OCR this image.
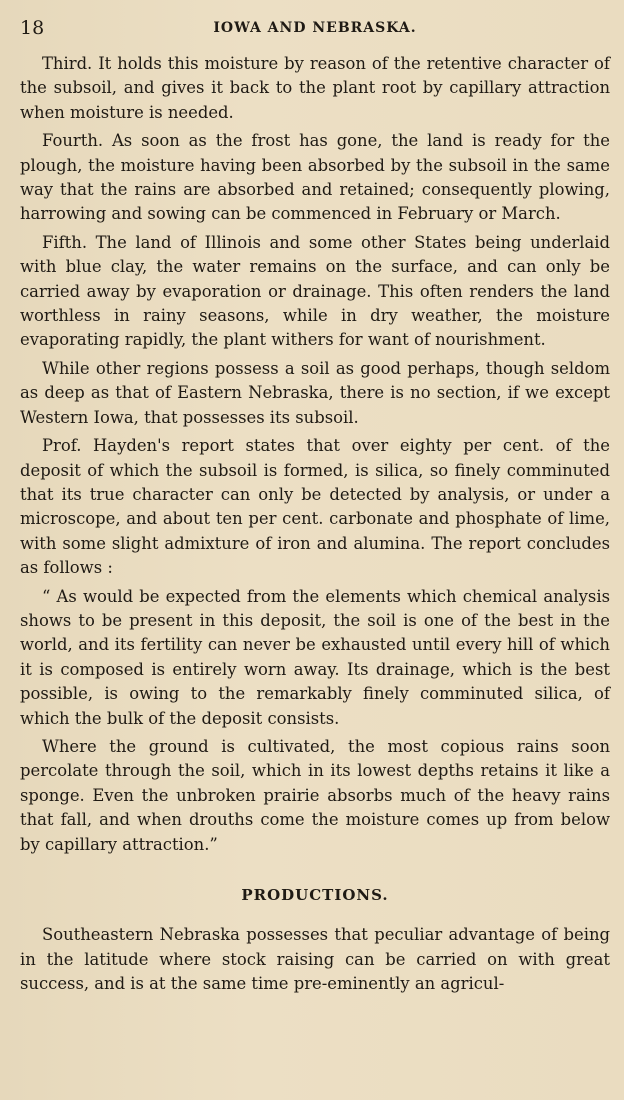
18	IOWA AND NEBRASKA.

Third. It holds this moisture by reason of the retentive character of the subsoil, and gives it back to the plant root by capillary attraction when moisture is needed.

Fourth. As soon as the frost has gone, the land is ready for the plough, the moisture having been absorbed by the subsoil in the same way that the rains are absorbed and retained; consequently plowing, harrowing and sowing can be commenced in February or March.

Fifth. The land of Illinois and some other States being underlaid with blue clay, the water remains on the surface, and can only be carried away by evaporation or drainage. This often renders the land worthless in rainy seasons, while in dry weather, the moisture evaporating rapidly, the plant withers for want of nourishment.

While other regions possess a soil as good perhaps, though seldom as deep as that of Eastern Nebraska, there is no section, if we except Western Iowa, that possesses its subsoil.

Prof. Hayden's report states that over eighty per cent. of the deposit of which the subsoil is formed, is silica, so finely comminuted that its true character can only be detected by analysis, or under a microscope, and about ten per cent. carbonate and phosphate of lime, with some slight admixture of iron and alumina. The report concludes as follows :

“ As would be expected from the elements which chemical analysis shows to be present in this deposit, the soil is one of the best in the world, and its fertility can never be exhausted until every hill of which it is composed is entirely worn away. Its drainage, which is the best possible, is owing to the remarkably finely comminuted silica, of which the bulk of the deposit consists.

Where the ground is cultivated, the most copious rains soon percolate through the soil, which in its lowest depths retains it like a sponge. Even the unbroken prairie absorbs much of the heavy rains that fall, and when drouths come the moisture comes up from below by capillary attraction.”

PRODUCTIONS.

Southeastern Nebraska possesses that peculiar advantage of being in the latitude where stock raising can be carried on with great success, and is at the same time pre-eminently an agricul-
